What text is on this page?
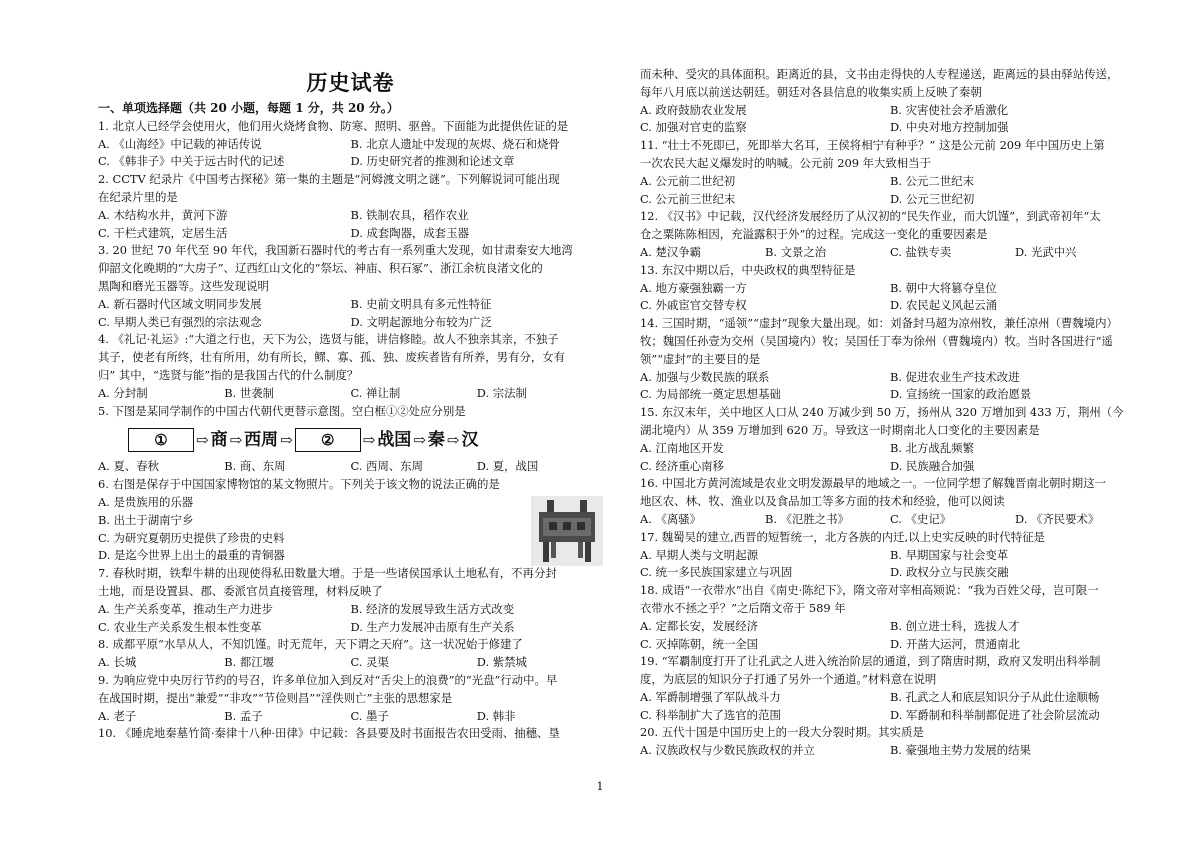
历史试卷
一、单项选择题（共 20 小题，每题 1 分，共 20 分。）
1. 北京人已经学会使用火，他们用火烧烤食物、防寒、照明、驱兽。下面能为此提供佐证的是
A. 《山海经》中记载的神话传说	B. 北京人遗址中发现的灰烬、烧石和烧骨
C. 《韩非子》中关于远古时代的记述	D. 历史研究者的推测和论述文章
2. CCTV 纪录片《中国考古探秘》第一集的主题是“河姆渡文明之谜”。下列解说词可能出现
在纪录片里的是
A. 木结构水井，黄河下游	B. 铁制农具，稻作农业
C. 干栏式建筑，定居生活	D. 成套陶器，成套玉器
3. 20 世纪 70 年代至 90 年代，我国新石器时代的考古有一系列重大发现，如甘肃秦安大地湾
仰韶文化晚期的“大房子”、辽西红山文化的“祭坛、神庙、积石冢”、浙江余杭良渚文化的
黑陶和磨光玉器等。这些发现说明
A. 新石器时代区域文明同步发展	B. 史前文明具有多元性特征
C. 早期人类已有强烈的宗法观念	D. 文明起源地分布较为广泛
4. 《礼记·礼运》:“大道之行也，天下为公，选贤与能，讲信修睦。故人不独亲其亲，不独子
其子，使老有所终，壮有所用，幼有所长，鳏、寡、孤、独、废疾者皆有所养，男有分，女有
归” 其中，“选贤与能”指的是我国古代的什么制度？
A. 分封制	B. 世袭制	C. 禅让制	D. 宗法制
5. 下图是某同学制作的中国古代朝代更替示意图。空白框①②处应分别是
①	⇨ 商 ⇨ 西周 ⇨	②	⇨ 战国 ⇨ 秦 ⇨ 汉
A. 夏、春秋	B. 商、东周	C. 西周、东周	D. 夏，战国
6. 右图是保存于中国国家博物馆的某文物照片。下列关于该文物的说法正确的是
A. 是贵族用的乐器
B. 出土于湖南宁乡
C. 为研究夏朝历史提供了珍贵的史料
D. 是迄今世界上出土的最重的青铜器
7. 春秋时期，铁犁牛耕的出现使得私田数量大增。于是一些诸侯国承认土地私有，不再分封
土地，而是设置县、郡、委派官员直接管理，材料反映了
A. 生产关系变革，推动生产力进步	B. 经济的发展导致生活方式改变
C. 农业生产关系发生根本性变革	D. 生产力发展冲击原有生产关系
8. 成都平原“水旱从人，不知饥馑。时无荒年，天下谓之天府”。这一状况始于修建了
A. 长城	B. 都江堰	C. 灵渠	D. 紫禁城
9. 为响应党中央厉行节约的号召，许多单位加入到反对“舌尖上的浪费”的“光盘”行动中。早
在战国时期，提出“兼爱”“非攻”“节俭则昌”“淫佚则亡”主张的思想家是
A. 老子	B. 孟子	C. 墨子	D. 韩非
10. 《睡虎地秦墓竹简·秦律十八种·田律》中记载：各县要及时书面报告农田受雨、抽穗、垦
而未种、受灾的具体面积。距离近的县，文书由走得快的人专程递送，距离远的县由驿站传送，
每年八月底以前送达朝廷。朝廷对各县信息的收集实质上反映了秦朝
A. 政府鼓励农业发展	B. 灾害使社会矛盾激化
C. 加强对官吏的监察	D. 中央对地方控制加强
11. “壮士不死即已，死即举大名耳，王侯将相宁有种乎？” 这是公元前 209 年中国历史上第
一次农民大起义爆发时的呐喊。公元前 209 年大致相当于
A. 公元前二世纪初	B. 公元二世纪末
C. 公元前三世纪末	D. 公元三世纪初
12. 《汉书》中记载，汉代经济发展经历了从汉初的“民失作业，而大饥馑”，到武帝初年“太
仓之粟陈陈相因，充溢露积于外”的过程。完成这一变化的重要因素是
A. 楚汉争霸	B. 文景之治	C. 盐铁专卖	D. 光武中兴
13. 东汉中期以后，中央政权的典型特征是
A. 地方豪强独霸一方	B. 朝中大将篡夺皇位
C. 外戚宦官交替专权	D. 农民起义风起云涌
14. 三国时期，“遥领”“虚封”现象大量出现。如：刘备封马超为凉州牧，兼任凉州（曹魏境内）
牧；魏国任孙壹为交州（吴国境内）牧；吴国任丁奉为徐州（曹魏境内）牧。当时各国进行“遥
领”“虚封”的主要目的是
A. 加强与少数民族的联系	B. 促进农业生产技术改进
C. 为局部统一奠定思想基础	D. 宣扬统一国家的政治愿景
15. 东汉末年，关中地区人口从 240 万减少到 50 万，扬州从 320 万增加到 433 万，荆州（今
湖北境内）从 359 万增加到 620 万。导致这一时期南北人口变化的主要因素是
A. 江南地区开发	B. 北方战乱频繁
C. 经济重心南移	D. 民族融合加强
16. 中国北方黄河流域是农业文明发源最早的地域之一。一位同学想了解魏晋南北朝时期这一
地区农、林、牧、渔业以及食品加工等多方面的技术和经验，他可以阅读
A. 《离骚》	B. 《氾胜之书》	C. 《史记》	D. 《齐民要术》
17. 魏蜀吴的建立,西晋的短暂统一，北方各族的内迁,以上史实反映的时代特征是
A. 早期人类与文明起源	B. 早期国家与社会变革
C. 统一多民族国家建立与巩固	D. 政权分立与民族交融
18. 成语“一衣带水”出自《南史·陈纪下》，隋文帝对宰相高颎说：“我为百姓父母，岂可限一
衣带水不拯之乎？”之后隋文帝于 589 年
A. 定都长安，发展经济	B. 创立进士科，选拔人才
C. 灭掉陈朝，统一全国	D. 开凿大运河，贯通南北
19. “军覇制度打开了让孔武之人进入统治阶层的通道，到了隋唐时期，政府又发明出科举制
度，为底层的知识分子打通了另外一个通道。”材料意在说明
A. 军爵制增强了军队战斗力	B. 孔武之人和底层知识分子从此仕途顺畅
C. 科举制扩大了选官的范围	D. 军爵制和科举制都促进了社会阶层流动
20. 五代十国是中国历史上的一段大分裂时期。其实质是
A. 汉族政权与少数民族政权的并立	B. 豪强地主势力发展的结果
1
